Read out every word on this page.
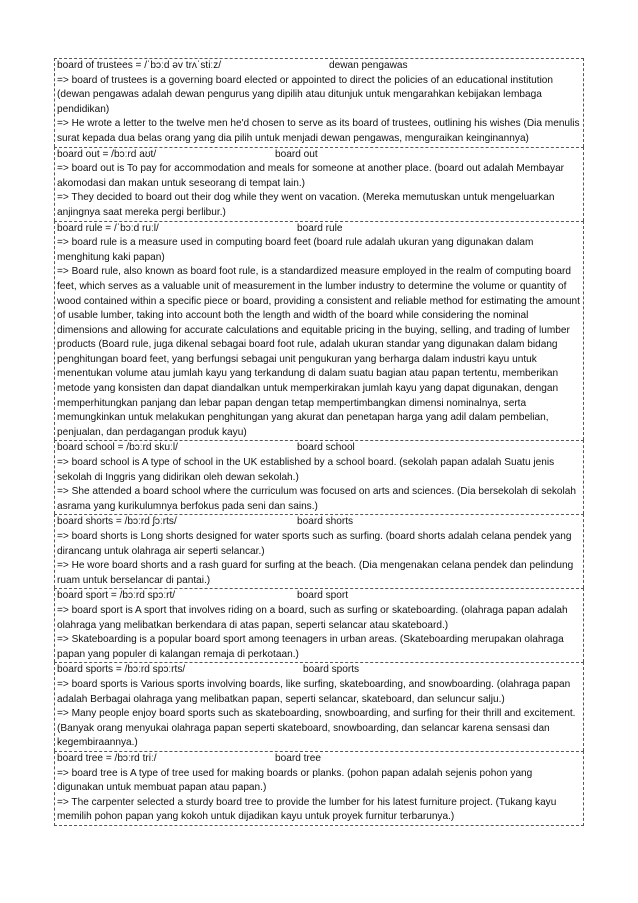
board of trustees = /ˈbɔːd əv trʌˈstiːz/	dewan pengawas

=> board of trustees is a governing board elected or appointed to direct the policies of an educational institution (dewan pengawas adalah dewan pengurus yang dipilih atau ditunjuk untuk mengarahkan kebijakan lembaga pendidikan)

=> He wrote a letter to the twelve men he'd chosen to serve as its board of trustees, outlining his wishes (Dia menulis surat kepada dua belas orang yang dia pilih untuk menjadi dewan pengawas, menguraikan keinginannya)

board out = /bɔːrd aʊt/	board out

=> board out is To pay for accommodation and meals for someone at another place. (board out adalah Membayar akomodasi dan makan untuk seseorang di tempat lain.)

=> They decided to board out their dog while they went on vacation. (Mereka memutuskan untuk mengeluarkan anjingnya saat mereka pergi berlibur.)

board rule = /ˈbɔːd ruːl/	board rule

=> board rule is a measure used in computing board feet (board rule adalah ukuran yang digunakan dalam menghitung kaki papan)

=> Board rule, also known as board foot rule, is a standardized measure employed in the realm of computing board feet, which serves as a valuable unit of measurement in the lumber industry to determine the volume or quantity of wood contained within a specific piece or board, providing a consistent and reliable method for estimating the amount of usable lumber, taking into account both the length and width of the board while considering the nominal dimensions and allowing for accurate calculations and equitable pricing in the buying, selling, and trading of lumber products (Board rule, juga dikenal sebagai board foot rule, adalah ukuran standar yang digunakan dalam bidang penghitungan board feet, yang berfungsi sebagai unit pengukuran yang berharga dalam industri kayu untuk menentukan volume atau jumlah kayu yang terkandung di dalam suatu bagian atau papan tertentu, memberikan metode yang konsisten dan dapat diandalkan untuk memperkirakan jumlah kayu yang dapat digunakan, dengan memperhitungkan panjang dan lebar papan dengan tetap mempertimbangkan dimensi nominalnya, serta memungkinkan untuk melakukan penghitungan yang akurat dan penetapan harga yang adil dalam pembelian, penjualan, dan perdagangan produk kayu)

board school = /bɔːrd skuːl/	board school

=> board school is A type of school in the UK established by a school board. (sekolah papan adalah Suatu jenis sekolah di Inggris yang didirikan oleh dewan sekolah.)

=> She attended a board school where the curriculum was focused on arts and sciences. (Dia bersekolah di sekolah asrama yang kurikulumnya berfokus pada seni dan sains.)

board shorts = /bɔːrd ʃɔːrts/	board shorts

=> board shorts is Long shorts designed for water sports such as surfing. (board shorts adalah celana pendek yang dirancang untuk olahraga air seperti selancar.)

=> He wore board shorts and a rash guard for surfing at the beach. (Dia mengenakan celana pendek dan pelindung ruam untuk berselancar di pantai.)

board sport = /bɔːrd spɔːrt/	board sport

=> board sport is A sport that involves riding on a board, such as surfing or skateboarding. (olahraga papan adalah olahraga yang melibatkan berkendara di atas papan, seperti selancar atau skateboard.)

=> Skateboarding is a popular board sport among teenagers in urban areas. (Skateboarding merupakan olahraga papan yang populer di kalangan remaja di perkotaan.)

board sports = /bɔːrd spɔːrts/	board sports

=> board sports is Various sports involving boards, like surfing, skateboarding, and snowboarding. (olahraga papan adalah Berbagai olahraga yang melibatkan papan, seperti selancar, skateboard, dan seluncur salju.)

=> Many people enjoy board sports such as skateboarding, snowboarding, and surfing for their thrill and excitement. (Banyak orang menyukai olahraga papan seperti skateboard, snowboarding, dan selancar karena sensasi dan kegembiraannya.)

board tree = /bɔːrd triː/	board tree

=> board tree is A type of tree used for making boards or planks. (pohon papan adalah sejenis pohon yang digunakan untuk membuat papan atau papan.)

=> The carpenter selected a sturdy board tree to provide the lumber for his latest furniture project. (Tukang kayu memilih pohon papan yang kokoh untuk dijadikan kayu untuk proyek furnitur terbarunya.)
